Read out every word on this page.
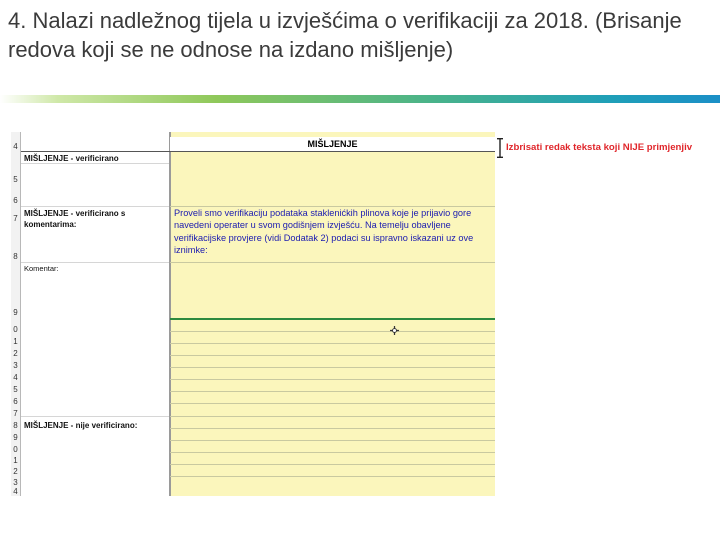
4. Nalazi nadležnog tijela u izvješćima o verifikaciji za 2018. (Brisanje redova koji se ne odnose na izdano mišljenje)
4
5
6
7
8
9
0
1
2
3
4
5
6
7
8
9
0
1
2
3
4
MIŠLJENJE
MIŠLJENJE - verificirano
MIŠLJENJE - verificirano s komentarima:
Komentar:
MIŠLJENJE - nije verificirano:
Proveli smo verifikaciju podataka staklenićkih plinova koje je prijavio gore navedeni operater u svom godišnjem izvješću. Na temelju obavljene verifikacijske provjere (vidi Dodatak 2) podaci su ispravno iskazani uz ove iznimke:
Izbrisati redak teksta koji NIJE primjenjiv
